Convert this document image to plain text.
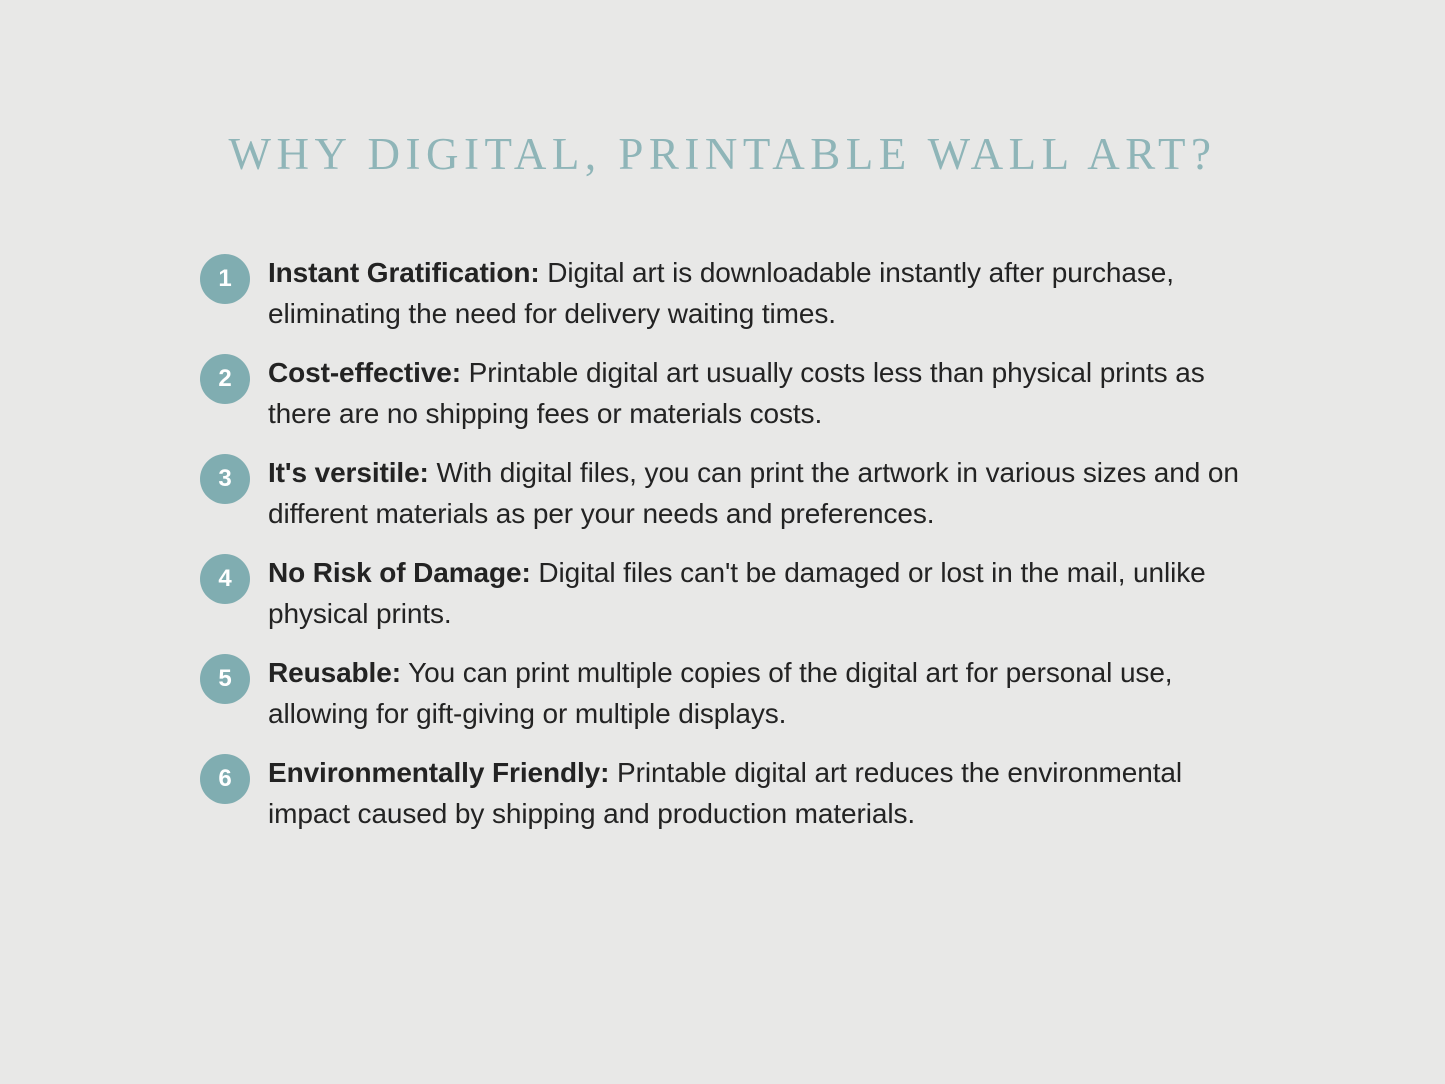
WHY DIGITAL, PRINTABLE WALL ART?
1	Instant Gratification: Digital art is downloadable instantly after purchase, eliminating the need for delivery waiting times.
2	Cost-effective: Printable digital art usually costs less than physical prints as there are no shipping fees or materials costs.
3	It's versitile: With digital files, you can print the artwork in various sizes and on different materials as per your needs and preferences.
4	No Risk of Damage: Digital files can't be damaged or lost in the mail, unlike physical prints.
5	Reusable: You can print multiple copies of the digital art for personal use, allowing for gift-giving or multiple displays.
6	Environmentally Friendly: Printable digital art reduces the environmental impact caused by shipping and production materials.
